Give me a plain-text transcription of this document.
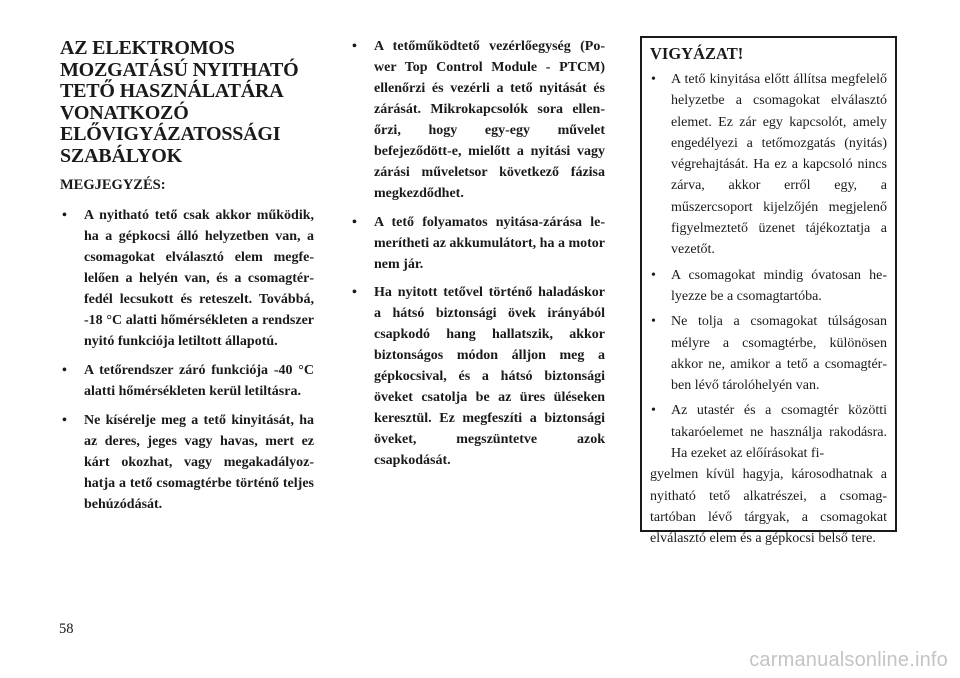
AZ ELEKTROMOS
MOZGATÁSÚ NYITHATÓ
TETŐ HASZNÁLATÁRA
VONATKOZÓ
ELŐVIGYÁZATOSSÁGI
SZABÁLYOK
MEGJEGYZÉS:
• A nyitható tető csak akkor működik, ha a gépkocsi álló helyzetben van, a csomagokat elválasztó elem megfelelően a helyén van, és a csomagtérfedél lecsukott és reteszelt. Továbbá, -18 °C alatti hőmérsékleten a rendszer nyitó funkciója letiltott állapotú.
• A tetőrendszer záró funkciója -40 °C alatti hőmérsékleten kerül letiltásra.
• Ne kísérelje meg a tető kinyitását, ha az deres, jeges vagy havas, mert ez kárt okozhat, vagy megakadályozhatja a tető csomagtérbe történő teljes behúzódását.
• A tetőműködtető vezérlőegység (Power Top Control Module - PTCM) ellenőrzi és vezérli a tető nyitását és zárását. Mikrokapcsolók sora ellenőrzi, hogy egy-egy művelet befejeződött-e, mielőtt a nyitási vagy zárási műveletsor következő fázisa megkezdődhet.
• A tető folyamatos nyitása-zárása lemerítheti az akkumulátort, ha a motor nem jár.
• Ha nyitott tetővel történő haladáskor a hátsó biztonsági övek irányából csapkodó hang hallatszik, akkor biztonságos módon álljon meg a gépkocsival, és a hátsó biztonsági öveket csatolja be az üres üléseken keresztül. Ez megfeszíti a biztonsági öveket, megszüntetve azok csapkodását.
VIGYÁZAT!
• A tető kinyitása előtt állítsa megfelelő helyzetbe a csomagokat elválasztó elemet. Ez zár egy kapcsolót, amely engedélyezi a tetőmozgatás (nyitás) végrehajtását. Ha ez a kapcsoló nincs zárva, akkor erről egy, a műszercsoport kijelzőjén megjelenő figyelmeztető üzenet tájékoztatja a vezetőt.
• A csomagokat mindig óvatosan helyezze be a csomagtartóba.
• Ne tolja a csomagokat túlságosan mélyre a csomagtérbe, különösen akkor ne, amikor a tető a csomagtérben lévő tárolóhelyén van.
• Az utastér és a csomagtér közötti takaróelemet ne használja rakodásra. Ha ezeket az előírásokat fi-

gyelmen kívül hagyja, károsodhatnak a nyitható tető alkatrészei, a csomagtartóban lévő tárgyak, a csomagokat elválasztó elem és a gépkocsi belső tere.

58
carmanualsonline.info
